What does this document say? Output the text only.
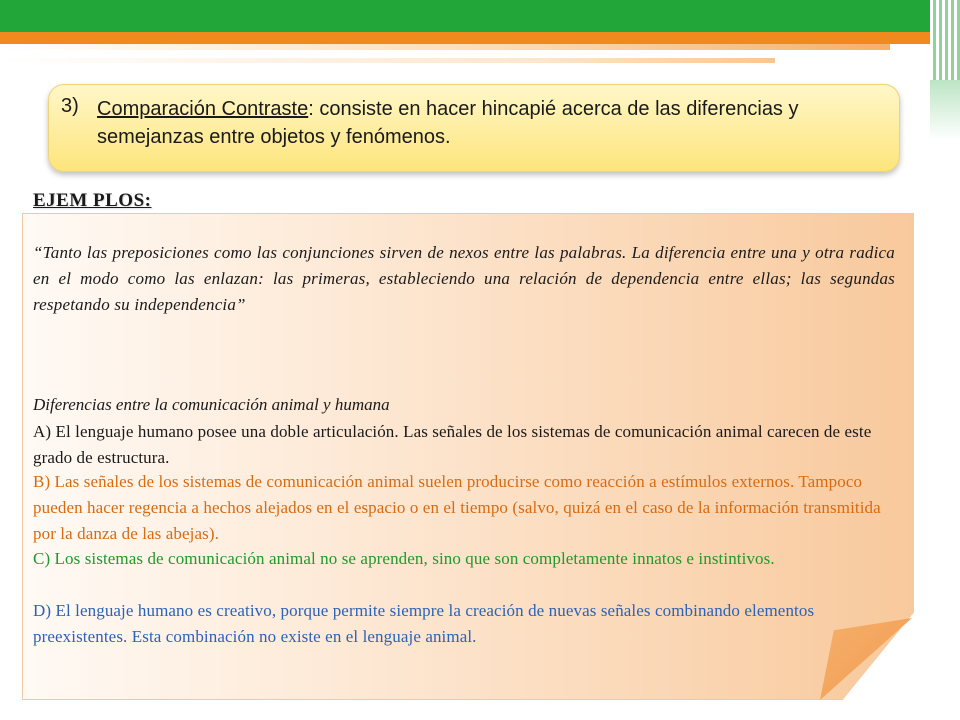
3) Comparación Contraste: consiste en hacer hincapié acerca de las diferencias y semejanzas entre objetos y fenómenos.
EJEM PLOS:
“Tanto las preposiciones como las conjunciones sirven de nexos entre las palabras. La diferencia entre una y otra radica en el modo como las enlazan: las primeras, estableciendo una relación de dependencia entre ellas; las segundas respetando su independencia”
Diferencias entre la comunicación animal y humana
A) El lenguaje humano posee una doble articulación. Las señales de los sistemas de comunicación animal carecen de este grado de estructura.
B) Las señales de los sistemas de comunicación animal suelen producirse como reacción a estímulos externos. Tampoco pueden hacer regencia a hechos alejados en el espacio o en el tiempo (salvo, quizá en el caso de la información transmitida por la danza de las abejas).
C) Los sistemas de comunicación animal no se aprenden, sino que son completamente innatos e instintivos.
D) El lenguaje humano es creativo, porque permite siempre la creación de nuevas señales combinando elementos preexistentes. Esta combinación no existe en el lenguaje animal.
